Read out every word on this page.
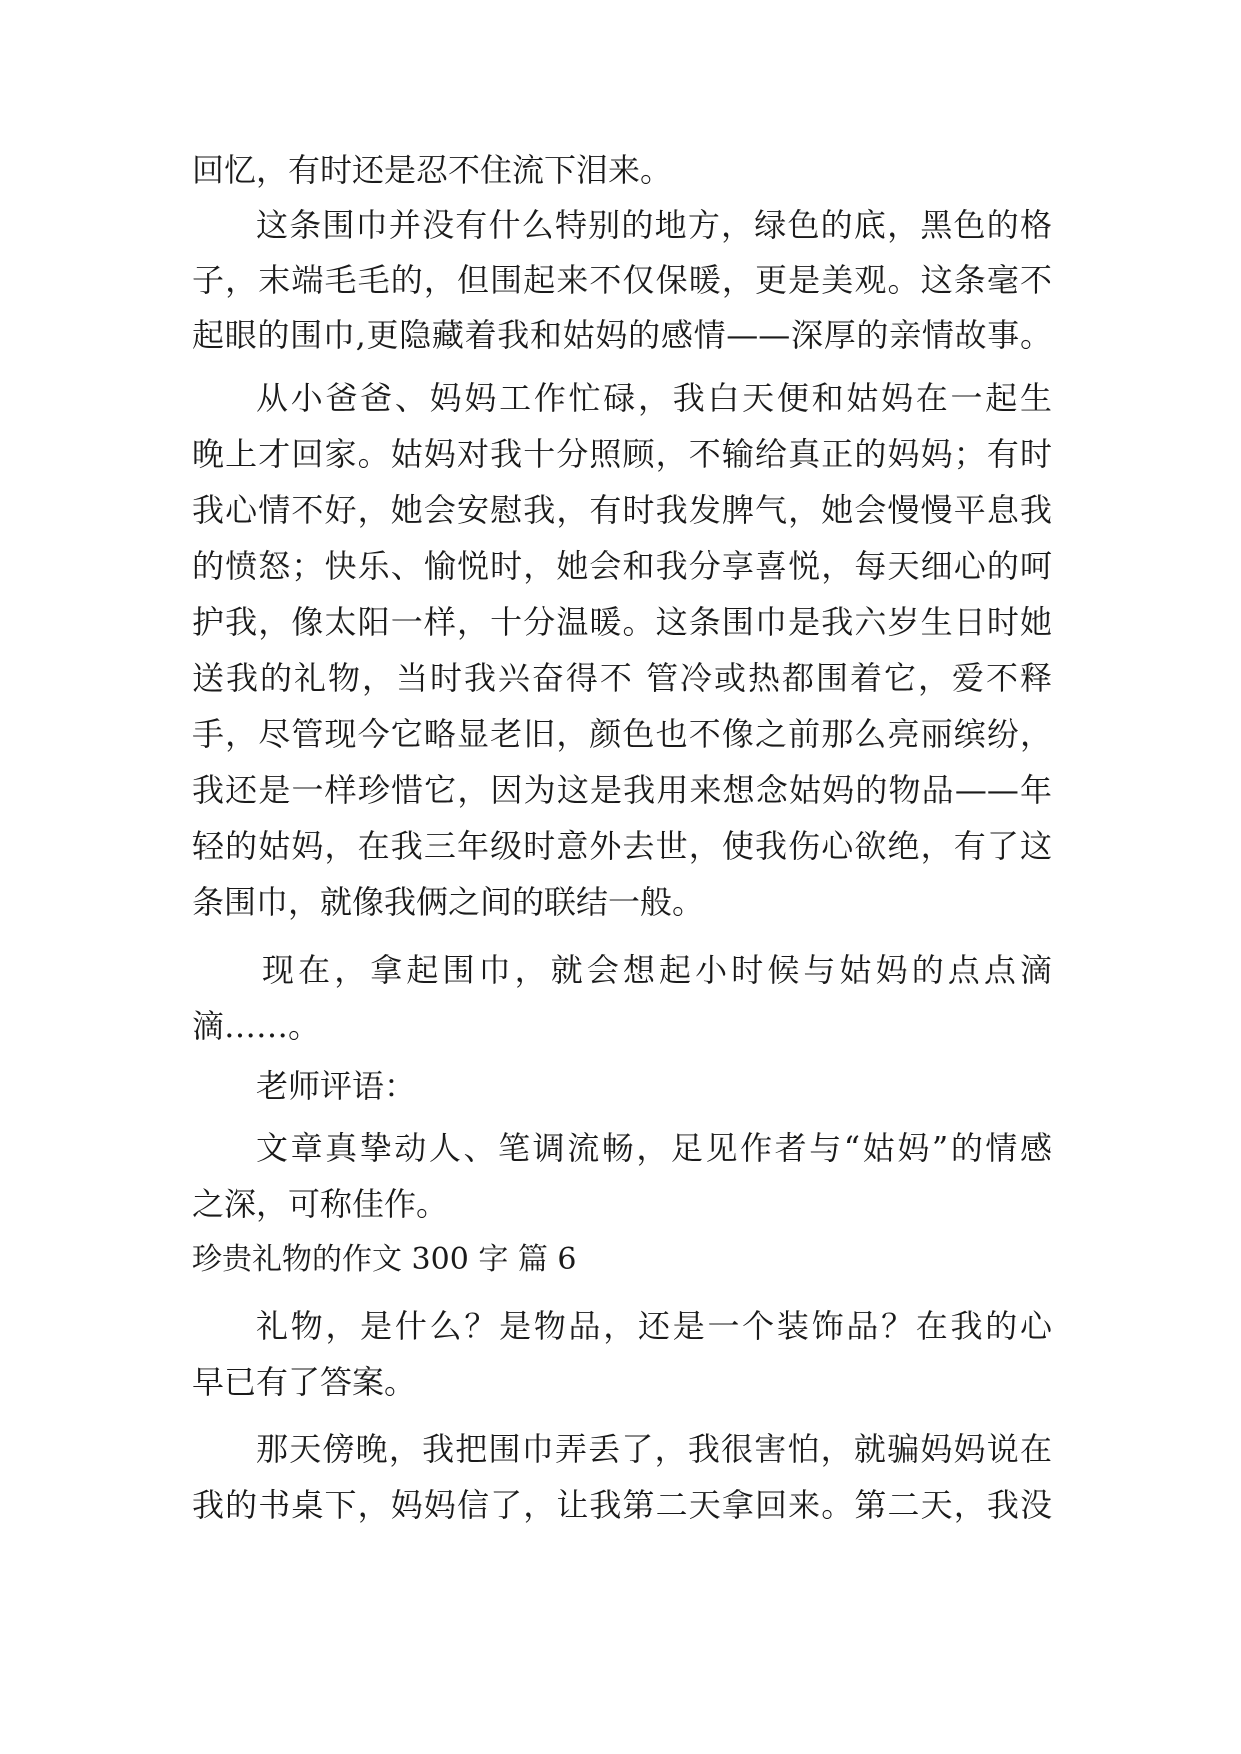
回忆，有时还是忍不住流下泪来。

这条围巾并没有什么特别的地方，绿色的底，黑色的格

子，末端毛毛的，但围起来不仅保暖，更是美观。这条毫不

起眼的围巾,更隐藏着我和姑妈的感情——深厚的亲情故事。

从小爸爸、妈妈工作忙碌，我白天便和姑妈在一起生

晚上才回家。姑妈对我十分照顾，不输给真正的妈妈；有时

我心情不好，她会安慰我，有时我发脾气，她会慢慢平息我

的愤怒；快乐、愉悦时，她会和我分享喜悦，每天细心的呵

护我，像太阳一样，十分温暖。这条围巾是我六岁生日时她

送我的礼物，当时我兴奋得不 管冷或热都围着它，爱不释

手，尽管现今它略显老旧，颜色也不像之前那么亮丽缤纷，

我还是一样珍惜它，因为这是我用来想念姑妈的物品——年

轻的姑妈，在我三年级时意外去世，使我伤心欲绝，有了这

条围巾，就像我俩之间的联结一般。

现在，拿起围巾，就会想起小时候与姑妈的点点滴

滴……。

老师评语：

文章真挚动人、笔调流畅，足见作者与“姑妈”的情感

之深，可称佳作。

珍贵礼物的作文 300 字 篇 6

礼物，是什么？是物品，还是一个装饰品？在我的心

早已有了答案。

那天傍晚，我把围巾弄丢了，我很害怕，就骗妈妈说在

我的书桌下，妈妈信了，让我第二天拿回来。第二天，我没
